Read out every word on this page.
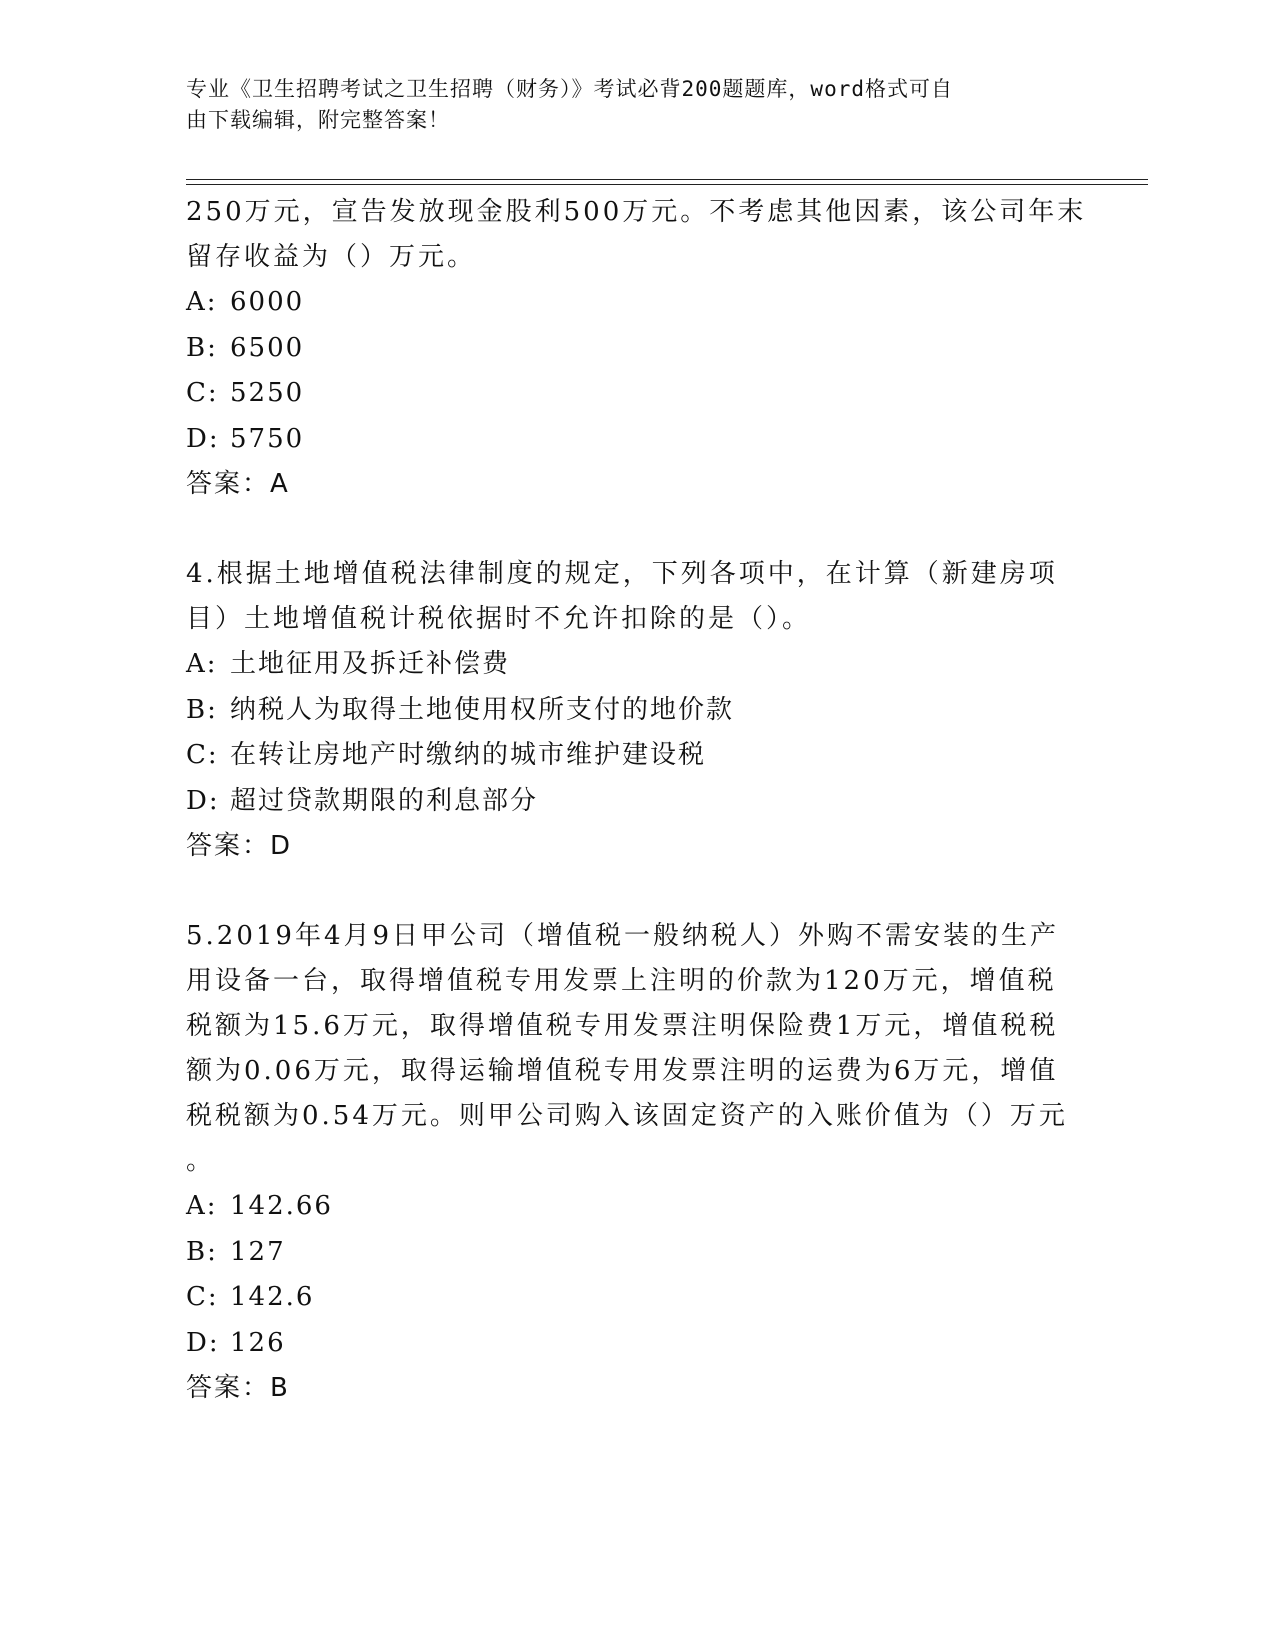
专业《卫生招聘考试之卫生招聘（财务）》考试必背200题题库，word格式可自
由下载编辑，附完整答案！
250万元，宣告发放现金股利500万元。不考虑其他因素，该公司年末
留存收益为（）万元。
A: 6000
B: 6500
C: 5250
D: 5750
答案：A
4.根据土地增值税法律制度的规定，下列各项中，在计算（新建房项
目）土地增值税计税依据时不允许扣除的是（）。
A: 土地征用及拆迁补偿费
B: 纳税人为取得土地使用权所支付的地价款
C: 在转让房地产时缴纳的城市维护建设税
D: 超过贷款期限的利息部分
答案：D
5.2019年4月9日甲公司（增值税一般纳税人）外购不需安装的生产
用设备一台，取得增值税专用发票上注明的价款为120万元，增值税
税额为15.6万元，取得增值税专用发票注明保险费1万元，增值税税
额为0.06万元，取得运输增值税专用发票注明的运费为6万元，增值
税税额为0.54万元。则甲公司购入该固定资产的入账价值为（）万元
。
A: 142.66
B: 127
C: 142.6
D: 126
答案：B
